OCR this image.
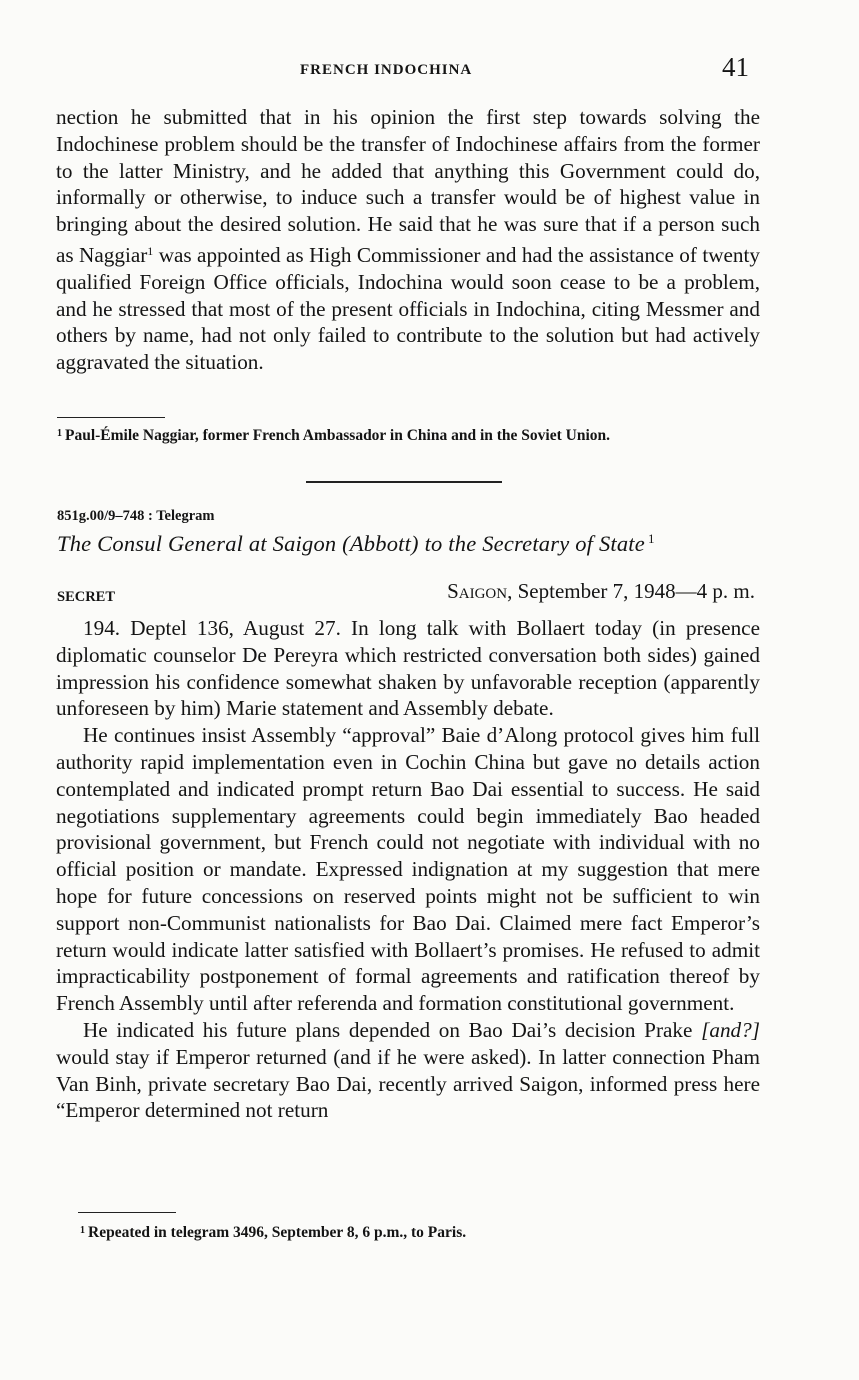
FRENCH INDOCHINA	41

nection he submitted that in his opinion the first step towards solving the Indochinese problem should be the transfer of Indochinese affairs from the former to the latter Ministry, and he added that anything this Government could do, informally or otherwise, to induce such a transfer would be of highest value in bringing about the desired solution. He said that he was sure that if a person such as Naggiar$^1$ was appointed as High Commissioner and had the assistance of twenty qualified Foreign Office officials, Indochina would soon cease to be a problem, and he stressed that most of the present officials in Indochina, citing Messmer and others by name, had not only failed to contribute to the solution but had actively aggravated the situation.

$^1$ Paul-Émile Naggiar, former French Ambassador in China and in the Soviet Union.
851g.00/9–748 : Telegram
The Consul General at Saigon (Abbott) to the Secretary of State $^1$
SECRET	Saigon, September 7, 1948—4 p. m.

194. Deptel 136, August 27. In long talk with Bollaert today (in presence diplomatic counselor De Pereyra which restricted conversation both sides) gained impression his confidence somewhat shaken by unfavorable reception (apparently unforeseen by him) Marie statement and Assembly debate.

He continues insist Assembly “approval” Baie d’Along protocol gives him full authority rapid implementation even in Cochin China but gave no details action contemplated and indicated prompt return Bao Dai essential to success. He said negotiations supplementary agreements could begin immediately Bao headed provisional government, but French could not negotiate with individual with no official position or mandate. Expressed indignation at my suggestion that mere hope for future concessions on reserved points might not be sufficient to win support non-Communist nationalists for Bao Dai. Claimed mere fact Emperor’s return would indicate latter satisfied with Bollaert’s promises. He refused to admit impracticability postponement of formal agreements and ratification thereof by French Assembly until after referenda and formation constitutional government.

He indicated his future plans depended on Bao Dai’s decision Prake [and?] would stay if Emperor returned (and if he were asked). In latter connection Pham Van Binh, private secretary Bao Dai, recently arrived Saigon, informed press here “Emperor determined not return

$^1$ Repeated in telegram 3496, September 8, 6 p.m., to Paris.
